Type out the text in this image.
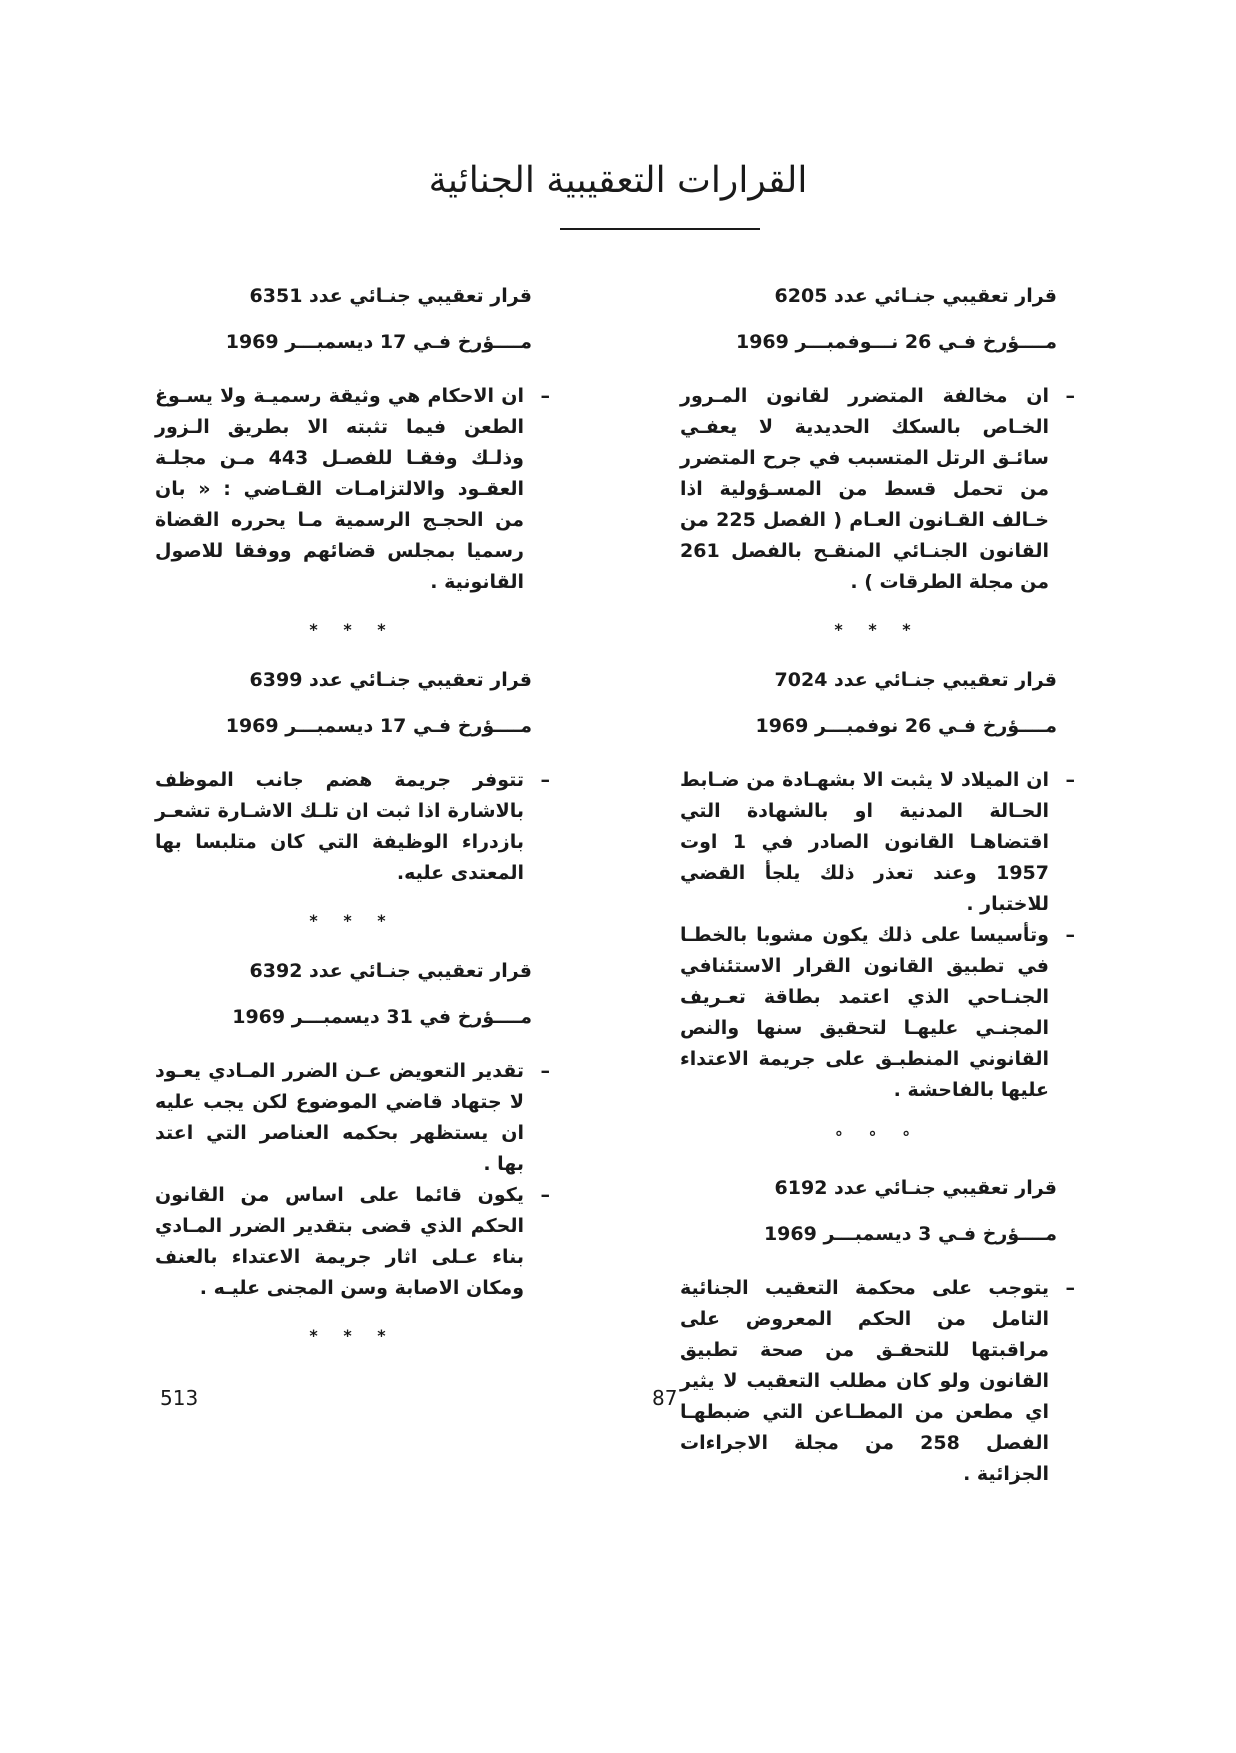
القرارات التعقيبية الجنائية

قرار تعقيبي جنـائي عدد 6205

مــــؤرخ فـي 26 نـــوفمبـــر 1969

–
ان مخالفة المتضرر لقانون المـرور الخـاص بالسكك الحديدية لا يعفـي سائـق الرتل المتسبب في جرح المتضرر من تحمل قسط من المسـؤولية اذا خـالف القـانون العـام ( الفصل 225 من القانون الجنـائي المنقـح بالفصل 261 من مجلة الطرقات ) .

* * *

قرار تعقيبي جنـائي عدد 7024

مــــؤرخ فـي 26 نوفمبـــر 1969

–
ان الميلاد لا يثبت الا بشهـادة من ضـابط الحـالة المدنية او بالشهادة التي اقتضاهـا القانون الصادر في 1 اوت 1957 وعند تعذر ذلك يلجأ القضي للاختبار .

–
وتأسيسا على ذلك يكون مشوبا بالخطـا في تطبيق القانون القرار الاستئنافي الجنـاحي الذي اعتمد بطاقة تعـريف المجنـي عليهـا لتحقيق سنها والنص القانوني المنطبـق على جريمة الاعتداء عليها بالفاحشة .

° ° °

قرار تعقيبي جنـائي عدد 6192

مــــؤرخ فـي 3 ديسمبـــر 1969

–
يتوجب على محكمة التعقيب الجنائية التامل من الحكم المعروض على مراقبتها للتحقـق من صحة تطبيق القانون ولو كان مطلب التعقيب لا يثير اي مطعن من المطـاعن التي ضبطهـا الفصل 258 من مجلة الاجراءات الجزائية .

قرار تعقيبي جنـائي عدد 6351

مــــؤرخ فـي 17 ديسمبـــر 1969

–
ان الاحكام هي وثيقة رسميـة ولا يسـوغ الطعن فيما تثبته الا بطريق الـزور وذلـك وفقـا للفصـل 443 مـن مجلـة العقـود والالتزامـات القـاضي : « بان من الحجـج الرسمية مـا يحرره القضاة رسميا بمجلس قضائهم ووفقا للاصول القانونية .

* * *

قرار تعقيبي جنـائي عدد 6399

مــــؤرخ فـي 17 ديسمبـــر 1969

–
تتوفر جريمة هضم جانب الموظف بالاشارة اذا ثبت ان تلـك الاشـارة تشعـر بازدراء الوظيفة التي كان متلبسا بها المعتدى عليه.

* * *

قرار تعقيبي جنـائي عدد 6392

مــــؤرخ في 31 ديسمبـــر 1969

–
تقدير التعويض عـن الضرر المـادي يعـود لا جتهاد قاضي الموضوع لكن يجب عليه ان يستظهر بحكمه العناصر التي اعتد بها .

–
يكون قائما على اساس من القانون الحكم الذي قضى بتقدير الضرر المـادي بناء عـلى اثار جريمة الاعتداء بالعنف ومكان الاصابة وسن المجنى عليـه .

* * *
513	87
